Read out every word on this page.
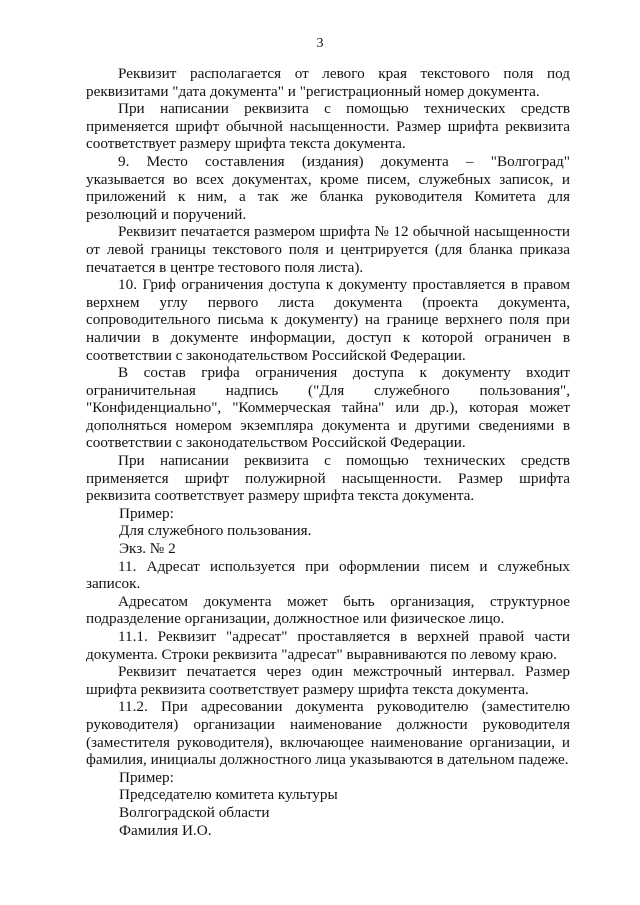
3

Реквизит располагается от левого края текстового поля под реквизитами "дата документа" и "регистрационный номер документа.

При написании реквизита с помощью технических средств применяется шрифт обычной насыщенности. Размер шрифта реквизита соответствует размеру шрифта текста документа.

9. Место составления (издания) документа – "Волгоград" указывается во всех документах, кроме писем, служебных записок, и приложений к ним, а так же бланка руководителя Комитета для резолюций и поручений.

Реквизит печатается размером шрифта № 12 обычной насыщенности от левой границы текстового поля и центрируется (для бланка приказа печатается в центре тестового поля листа).

10. Гриф ограничения доступа к документу проставляется в правом верхнем углу первого листа документа (проекта документа, сопроводительного письма к документу) на границе верхнего поля при наличии в документе информации, доступ к которой ограничен в соответствии с законодательством Российской Федерации.

В состав грифа ограничения доступа к документу входит ограничительная надпись ("Для служебного пользования", "Конфиденциально", "Коммерческая тайна" или др.), которая может дополняться номером экземпляра документа и другими сведениями в соответствии с законодательством Российской Федерации.

При написании реквизита с помощью технических средств применяется шрифт полужирной насыщенности. Размер шрифта реквизита соответствует размеру шрифта текста документа.

Пример:

Для служебного пользования.

Экз. № 2

11. Адресат используется при оформлении писем и служебных записок.

Адресатом документа может быть организация, структурное подразделение организации, должностное или физическое лицо.

11.1. Реквизит "адресат" проставляется в верхней правой части документа. Строки реквизита "адресат" выравниваются по левому краю.

Реквизит печатается через один межстрочный интервал. Размер шрифта реквизита соответствует размеру шрифта текста документа.

11.2. При адресовании документа руководителю (заместителю руководителя) организации наименование должности руководителя (заместителя руководителя), включающее наименование организации, и фамилия, инициалы должностного лица указываются в дательном падеже.

Пример:

Председателю комитета культуры

Волгоградской области

Фамилия И.О.
